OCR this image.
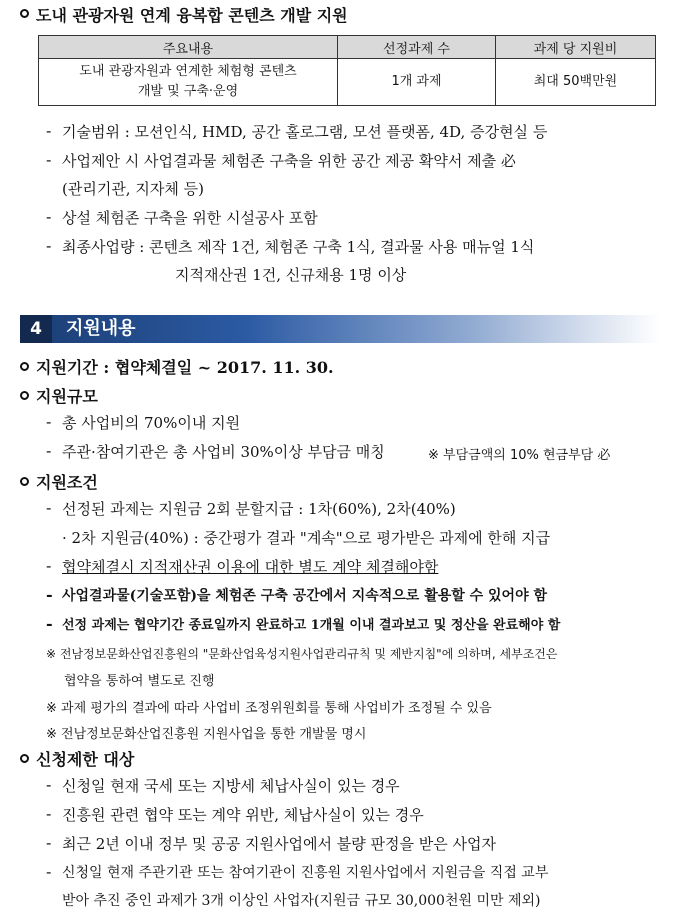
도내 관광자원 연계 융복합 콘텐츠 개발 지원
주요내용	선정과제 수	과제 당 지원비
도내 관광자원과 연계한 체험형 콘텐츠
개발 및 구축·운영	1개 과제	최대 50백만원
- 기술범위 : 모션인식, HMD, 공간 홀로그램, 모션 플랫폼, 4D, 증강현실 등
- 사업제안 시 사업결과물 체험존 구축을 위한 공간 제공 확약서 제출 必
(관리기관, 지자체 등)
- 상설 체험존 구축을 위한 시설공사 포함
- 최종사업량 : 콘텐츠 제작 1건, 체험존 구축 1식, 결과물 사용 매뉴얼 1식
지적재산권 1건, 신규채용 1명 이상
4	지원내용
지원기간 : 협약체결일 ~ 2017. 11. 30.
지원규모
- 총 사업비의 70%이내 지원
- 주관·참여기관은 총 사업비 30%이상 부담금 매칭	※ 부담금액의 10% 현금부담 必
지원조건
- 선정된 과제는 지원금 2회 분할지급 : 1차(60%), 2차(40%)
· 2차 지원금(40%) : 중간평가 결과 "계속"으로 평가받은 과제에 한해 지급
- 협약체결시 지적재산권 이용에 대한 별도 계약 체결해야함
- 사업결과물(기술포함)을 체험존 구축 공간에서 지속적으로 활용할 수 있어야 함
- 선정 과제는 협약기간 종료일까지 완료하고 1개월 이내 결과보고 및 정산을 완료해야 함
※ 전남정보문화산업진흥원의 "문화산업육성지원사업관리규칙 및 제반지침"에 의하며, 세부조건은
협약을 통하여 별도로 진행
※ 과제 평가의 결과에 따라 사업비 조정위원회를 통해 사업비가 조정될 수 있음
※ 전남정보문화산업진흥원 지원사업을 통한 개발물 명시
신청제한 대상
- 신청일 현재 국세 또는 지방세 체납사실이 있는 경우
- 진흥원 관련 협약 또는 계약 위반, 체납사실이 있는 경우
- 최근 2년 이내 정부 및 공공 지원사업에서 불량 판정을 받은 사업자
- 신청일 현재 주관기관 또는 참여기관이 진흥원 지원사업에서 지원금을 직접 교부
받아 추진 중인 과제가 3개 이상인 사업자(지원금 규모 30,000천원 미만 제외)
